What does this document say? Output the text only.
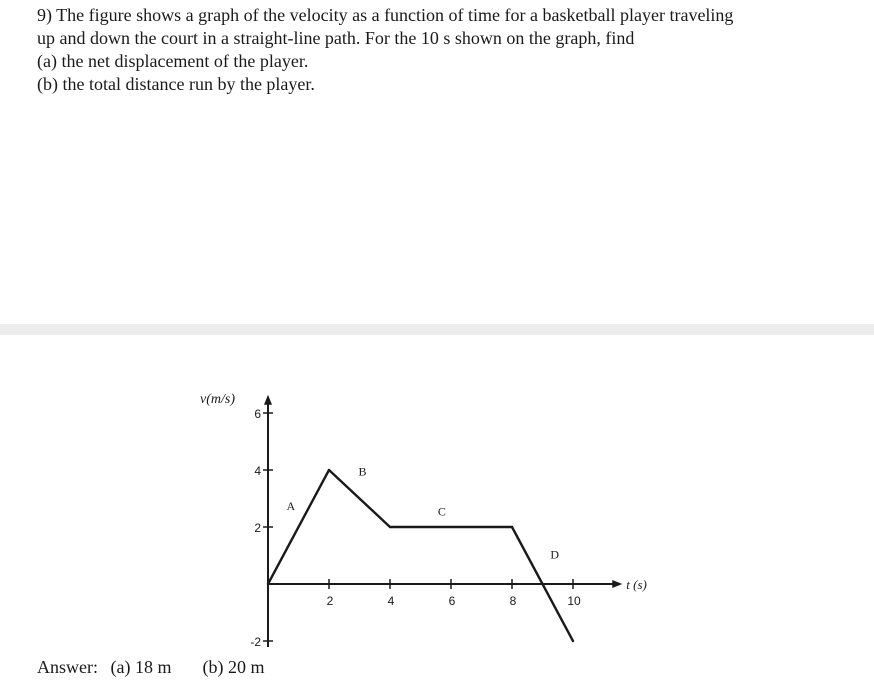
9) The figure shows a graph of the velocity as a function of time for a basketball player traveling
up and down the court in a straight-line path. For the 10 s shown on the graph, find
(a) the net displacement of the player.
(b) the total distance run by the player.
-2
2
4
6
2	4	6	8	10
v(m/s)
t (s)
A
B
C
D
Answer: (a) 18 m (b) 20 m
